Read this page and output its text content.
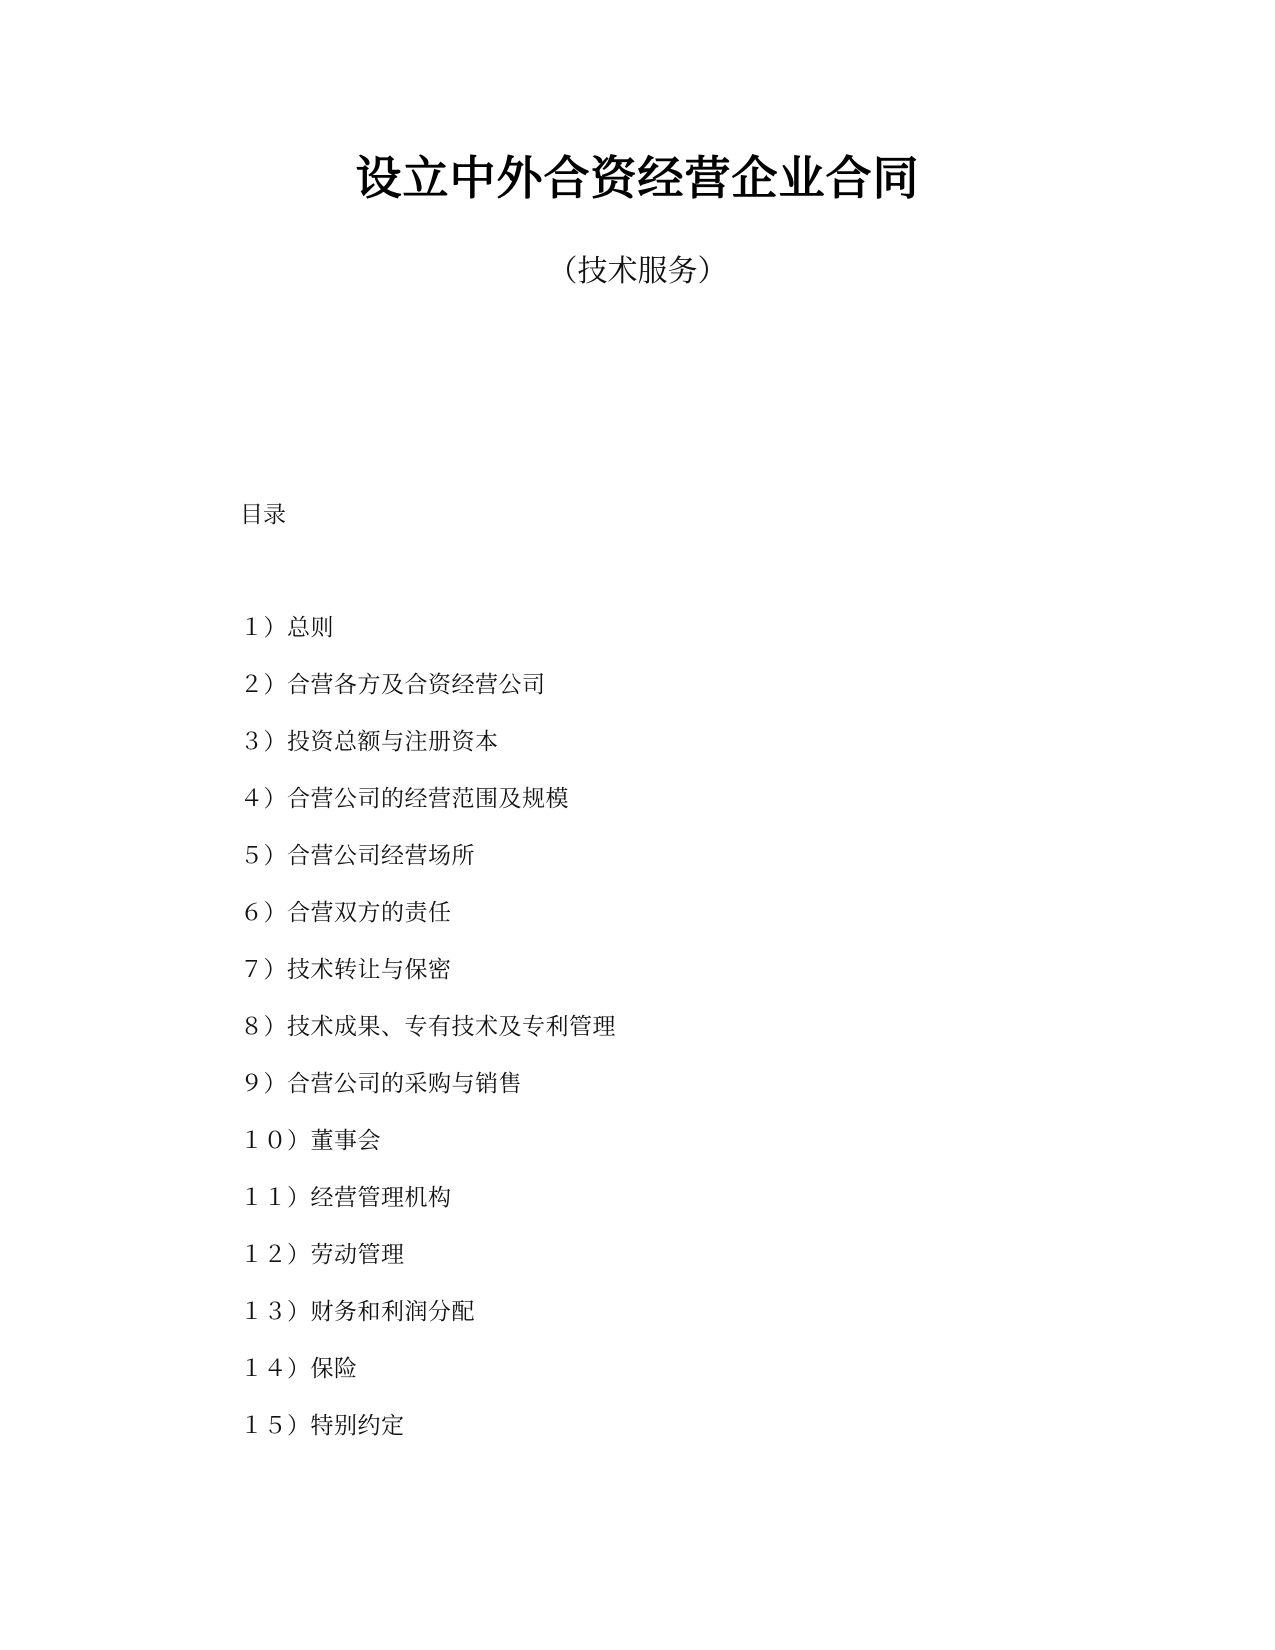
设立中外合资经营企业合同
（技术服务）
目录
１）总则
２）合营各方及合资经营公司
３）投资总额与注册资本
４）合营公司的经营范围及规模
５）合营公司经营场所
６）合营双方的责任
７）技术转让与保密
８）技术成果、专有技术及专利管理
９）合营公司的采购与销售
１０）董事会
１１）经营管理机构
１２）劳动管理
１３）财务和利润分配
１４）保险
１５）特别约定
